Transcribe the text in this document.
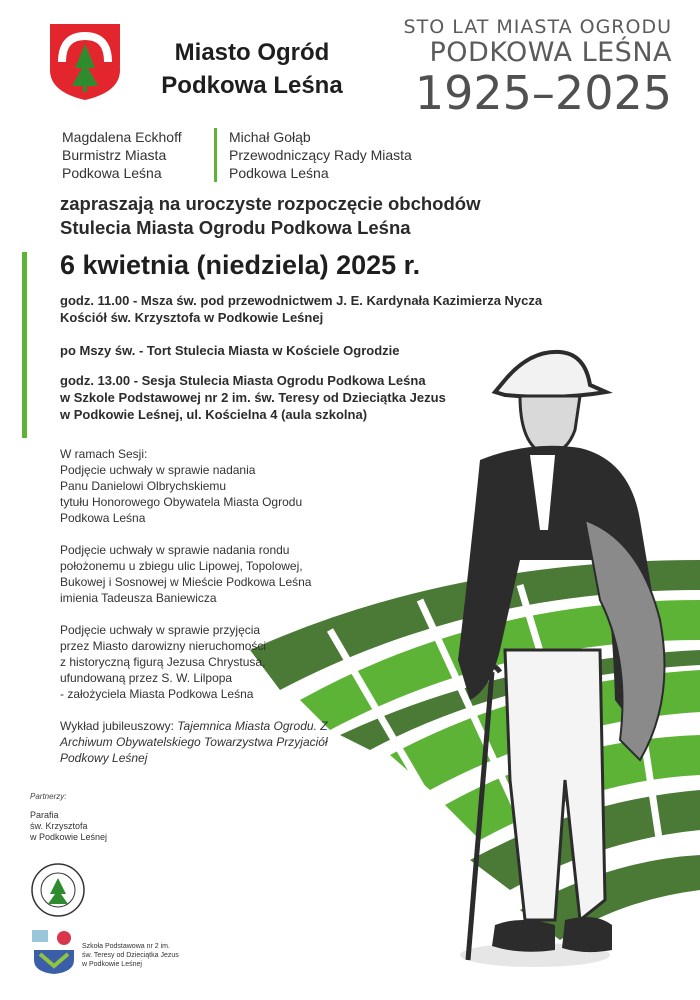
Miasto Ogród
Podkowa Leśna
STO LAT MIASTA OGRODU
PODKOWA LEŚNA
1925–2025
Magdalena Eckhoff
Burmistrz Miasta
Podkowa Leśna
Michał Gołąb
Przewodniczący Rady Miasta
Podkowa Leśna
zapraszają na uroczyste rozpoczęcie obchodów
Stulecia Miasta Ogrodu Podkowa Leśna
6 kwietnia (niedziela) 2025 r.
godz. 11.00 - Msza św. pod przewodnictwem J. E. Kardynała Kazimierza Nycza
Kościół św. Krzysztofa w Podkowie Leśnej
po Mszy św. - Tort Stulecia Miasta w Kościele Ogrodzie
godz. 13.00 - Sesja Stulecia Miasta Ogrodu Podkowa Leśna
w Szkole Podstawowej nr 2 im. św. Teresy od Dzieciątka Jezus
w Podkowie Leśnej, ul. Kościelna 4 (aula szkolna)

W ramach Sesji:
Podjęcie uchwały w sprawie nadania
Panu Danielowi Olbrychskiemu
tytułu Honorowego Obywatela Miasta Ogrodu
Podkowa Leśna

Podjęcie uchwały w sprawie nadania rondu
położonemu u zbiegu ulic Lipowej, Topolowej,
Bukowej i Sosnowej w Mieście Podkowa Leśna
imienia Tadeusza Baniewicza

Podjęcie uchwały w sprawie przyjęcia
przez Miasto darowizny nieruchomości
z historyczną figurą Jezusa Chrystusa,
ufundowaną przez S. W. Lilpopa
- założyciela Miasta Podkowa Leśna

Wykład jubileuszowy: Tajemnica Miasta Ogrodu. Z Archiwum Obywatelskiego Towarzystwa Przyjaciół Podkowy Leśnej

Partnerzy:
Parafia
św. Krzysztofa
w Podkowie Leśnej
Szkoła Podstawowa nr 2 im.
św. Teresy od Dzieciątka Jezus
w Podkowie Leśnej
